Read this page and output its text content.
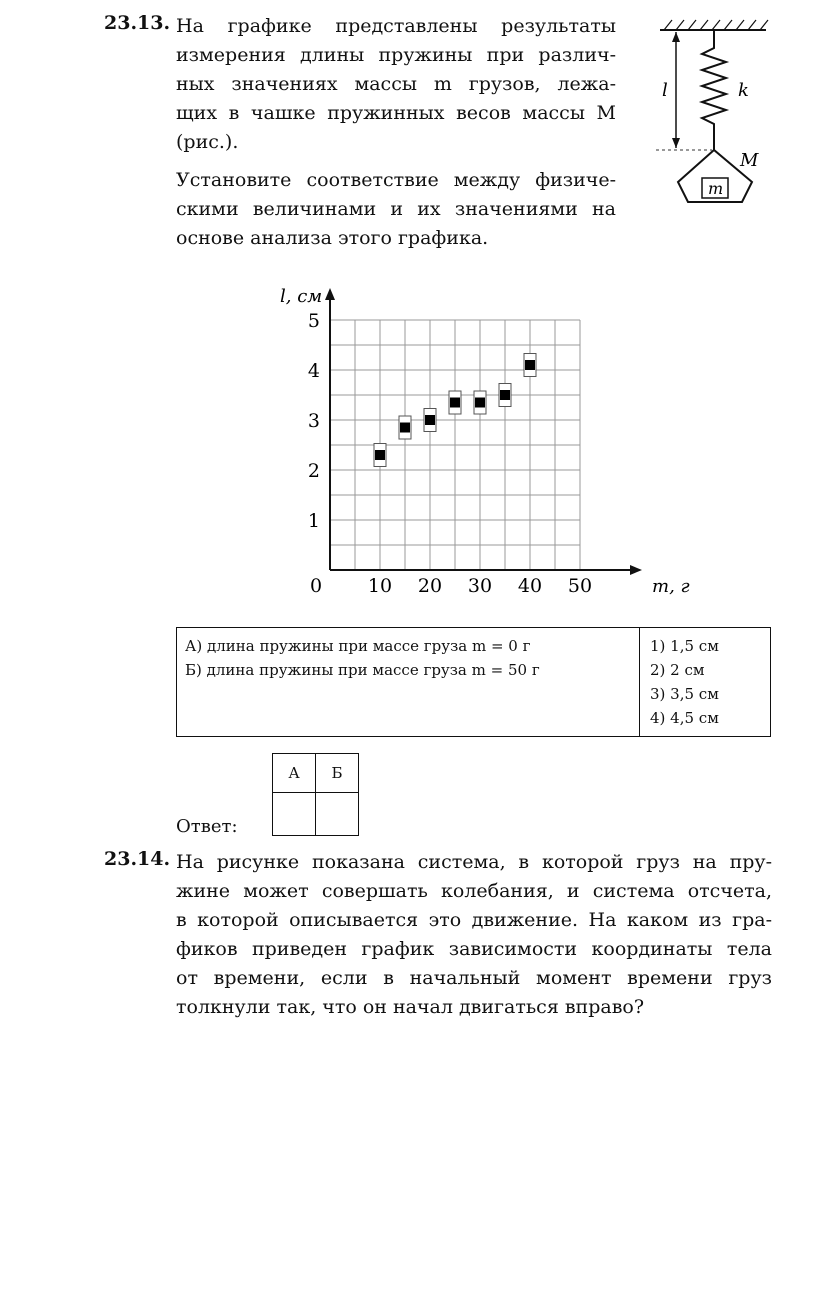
23.13. На графике представлены результаты
измерения длины пружины при различ-
ных значениях массы m грузов, лежа-
щих в чашке пружинных весов массы M
(рис.).
Установите соответствие между физиче-
скими величинами и их значениями на
основе анализа этого графика.
l	k
M
m
0 10 20 30 40 50
1
2
3
4
5
m, г
l, см
А) длина пружины при массе груза m = 0 г
Б) длина пружины при массе груза m = 50 г
1) 1,5 см
2) 2 см
3) 3,5 см
4) 4,5 см
Ответ:
А	Б

23.14. На рисунке показана система, в которой груз на пру-
жине может совершать колебания, и система отсчета,
в которой описывается это движение. На каком из гра-
фиков приведен график зависимости координаты тела
от времени, если в начальный момент времени груз
толкнули так, что он начал двигаться вправо?
